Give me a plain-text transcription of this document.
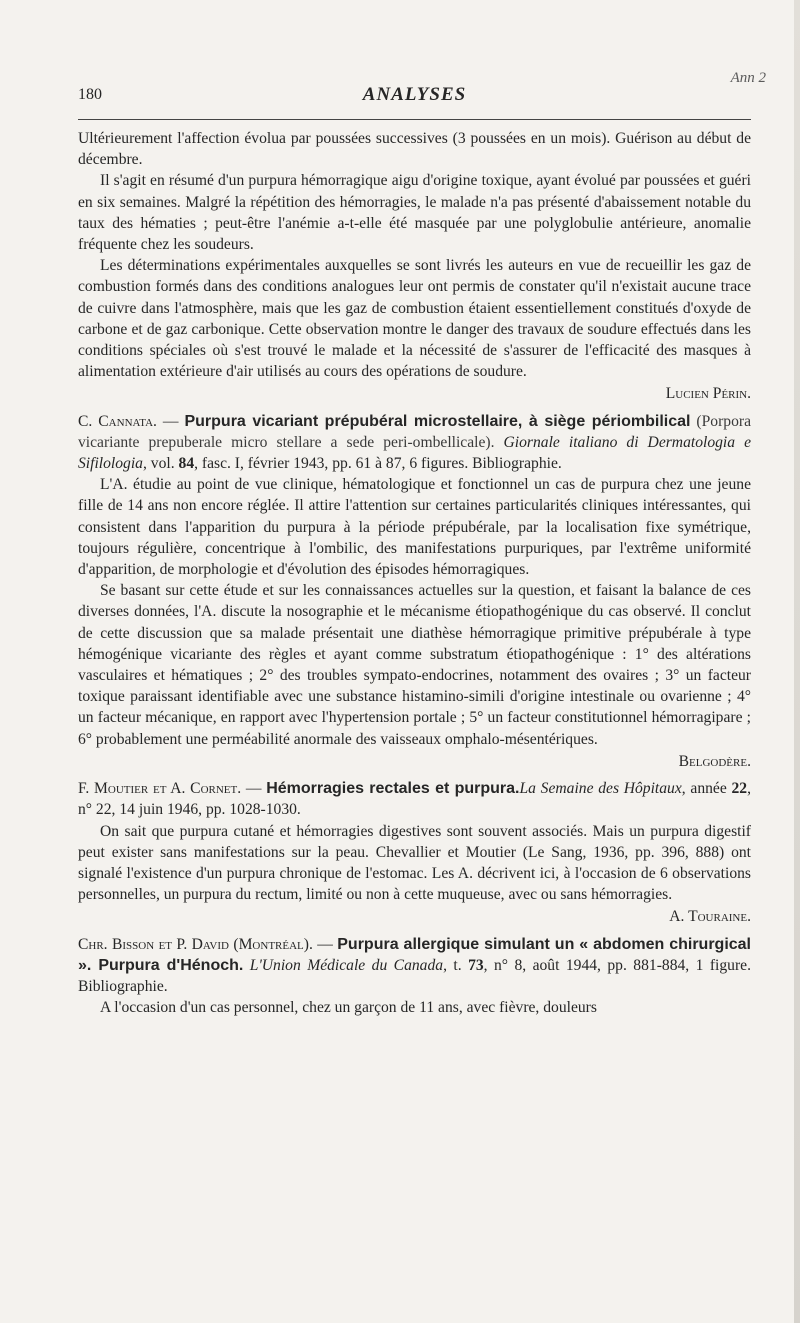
Ann 2
180	ANALYSES

Ultérieurement l'affection évolua par poussées successives (3 poussées en un mois). Guérison au début de décembre.

Il s'agit en résumé d'un purpura hémorragique aigu d'origine toxique, ayant évolué par poussées et guéri en six semaines. Malgré la répétition des hémorragies, le malade n'a pas présenté d'abaissement notable du taux des hématies ; peut-être l'anémie a-t-elle été masquée par une polyglobulie antérieure, anomalie fréquente chez les soudeurs.

Les déterminations expérimentales auxquelles se sont livrés les auteurs en vue de recueillir les gaz de combustion formés dans des conditions analogues leur ont permis de constater qu'il n'existait aucune trace de cuivre dans l'atmosphère, mais que les gaz de combustion étaient essentiellement constitués d'oxyde de carbone et de gaz carbonique. Cette observation montre le danger des travaux de soudure effectués dans les conditions spéciales où s'est trouvé le malade et la nécessité de s'assurer de l'efficacité des masques à alimentation extérieure d'air utilisés au cours des opérations de soudure.

Lucien Périn.

C. Cannata. — Purpura vicariant prépubéral microstellaire, à siège périombilical (Porpora vicariante prepuberale micro stellare a sede peri-ombellicale). Giornale italiano di Dermatologia e Sifilologia, vol. 84, fasc. I, février 1943, pp. 61 à 87, 6 figures. Bibliographie.

L'A. étudie au point de vue clinique, hématologique et fonctionnel un cas de purpura chez une jeune fille de 14 ans non encore réglée. Il attire l'attention sur certaines particularités cliniques intéressantes, qui consistent dans l'apparition du purpura à la période prépubérale, par la localisation fixe symétrique, toujours régulière, concentrique à l'ombilic, des manifestations purpuriques, par l'extrême uniformité d'apparition, de morphologie et d'évolution des épisodes hémorragiques.

Se basant sur cette étude et sur les connaissances actuelles sur la question, et faisant la balance de ces diverses données, l'A. discute la nosographie et le mécanisme étiopathogénique du cas observé. Il conclut de cette discussion que sa malade présentait une diathèse hémorragique primitive prépubérale à type hémogénique vicariante des règles et ayant comme substratum étiopathogénique : 1° des altérations vasculaires et hématiques ; 2° des troubles sympato-endocrines, notamment des ovaires ; 3° un facteur toxique paraissant identifiable avec une substance histamino-simili d'origine intestinale ou ovarienne ; 4° un facteur mécanique, en rapport avec l'hypertension portale ; 5° un facteur constitutionnel hémorragipare ; 6° probablement une perméabilité anormale des vaisseaux omphalo-mésentériques.

Belgodère.

F. Moutier et A. Cornet. — Hémorragies rectales et purpura.La Semaine des Hôpitaux, année 22, n° 22, 14 juin 1946, pp. 1028-1030.

On sait que purpura cutané et hémorragies digestives sont souvent associés. Mais un purpura digestif peut exister sans manifestations sur la peau. Chevallier et Moutier (Le Sang, 1936, pp. 396, 888) ont signalé l'existence d'un purpura chronique de l'estomac. Les A. décrivent ici, à l'occasion de 6 observations personnelles, un purpura du rectum, limité ou non à cette muqueuse, avec ou sans hémorragies.

A. Touraine.

Chr. Bisson et P. David (Montréal). — Purpura allergique simulant un « abdomen chirurgical ». Purpura d'Hénoch. L'Union Médicale du Canada, t. 73, n° 8, août 1944, pp. 881-884, 1 figure. Bibliographie.

A l'occasion d'un cas personnel, chez un garçon de 11 ans, avec fièvre, douleurs
